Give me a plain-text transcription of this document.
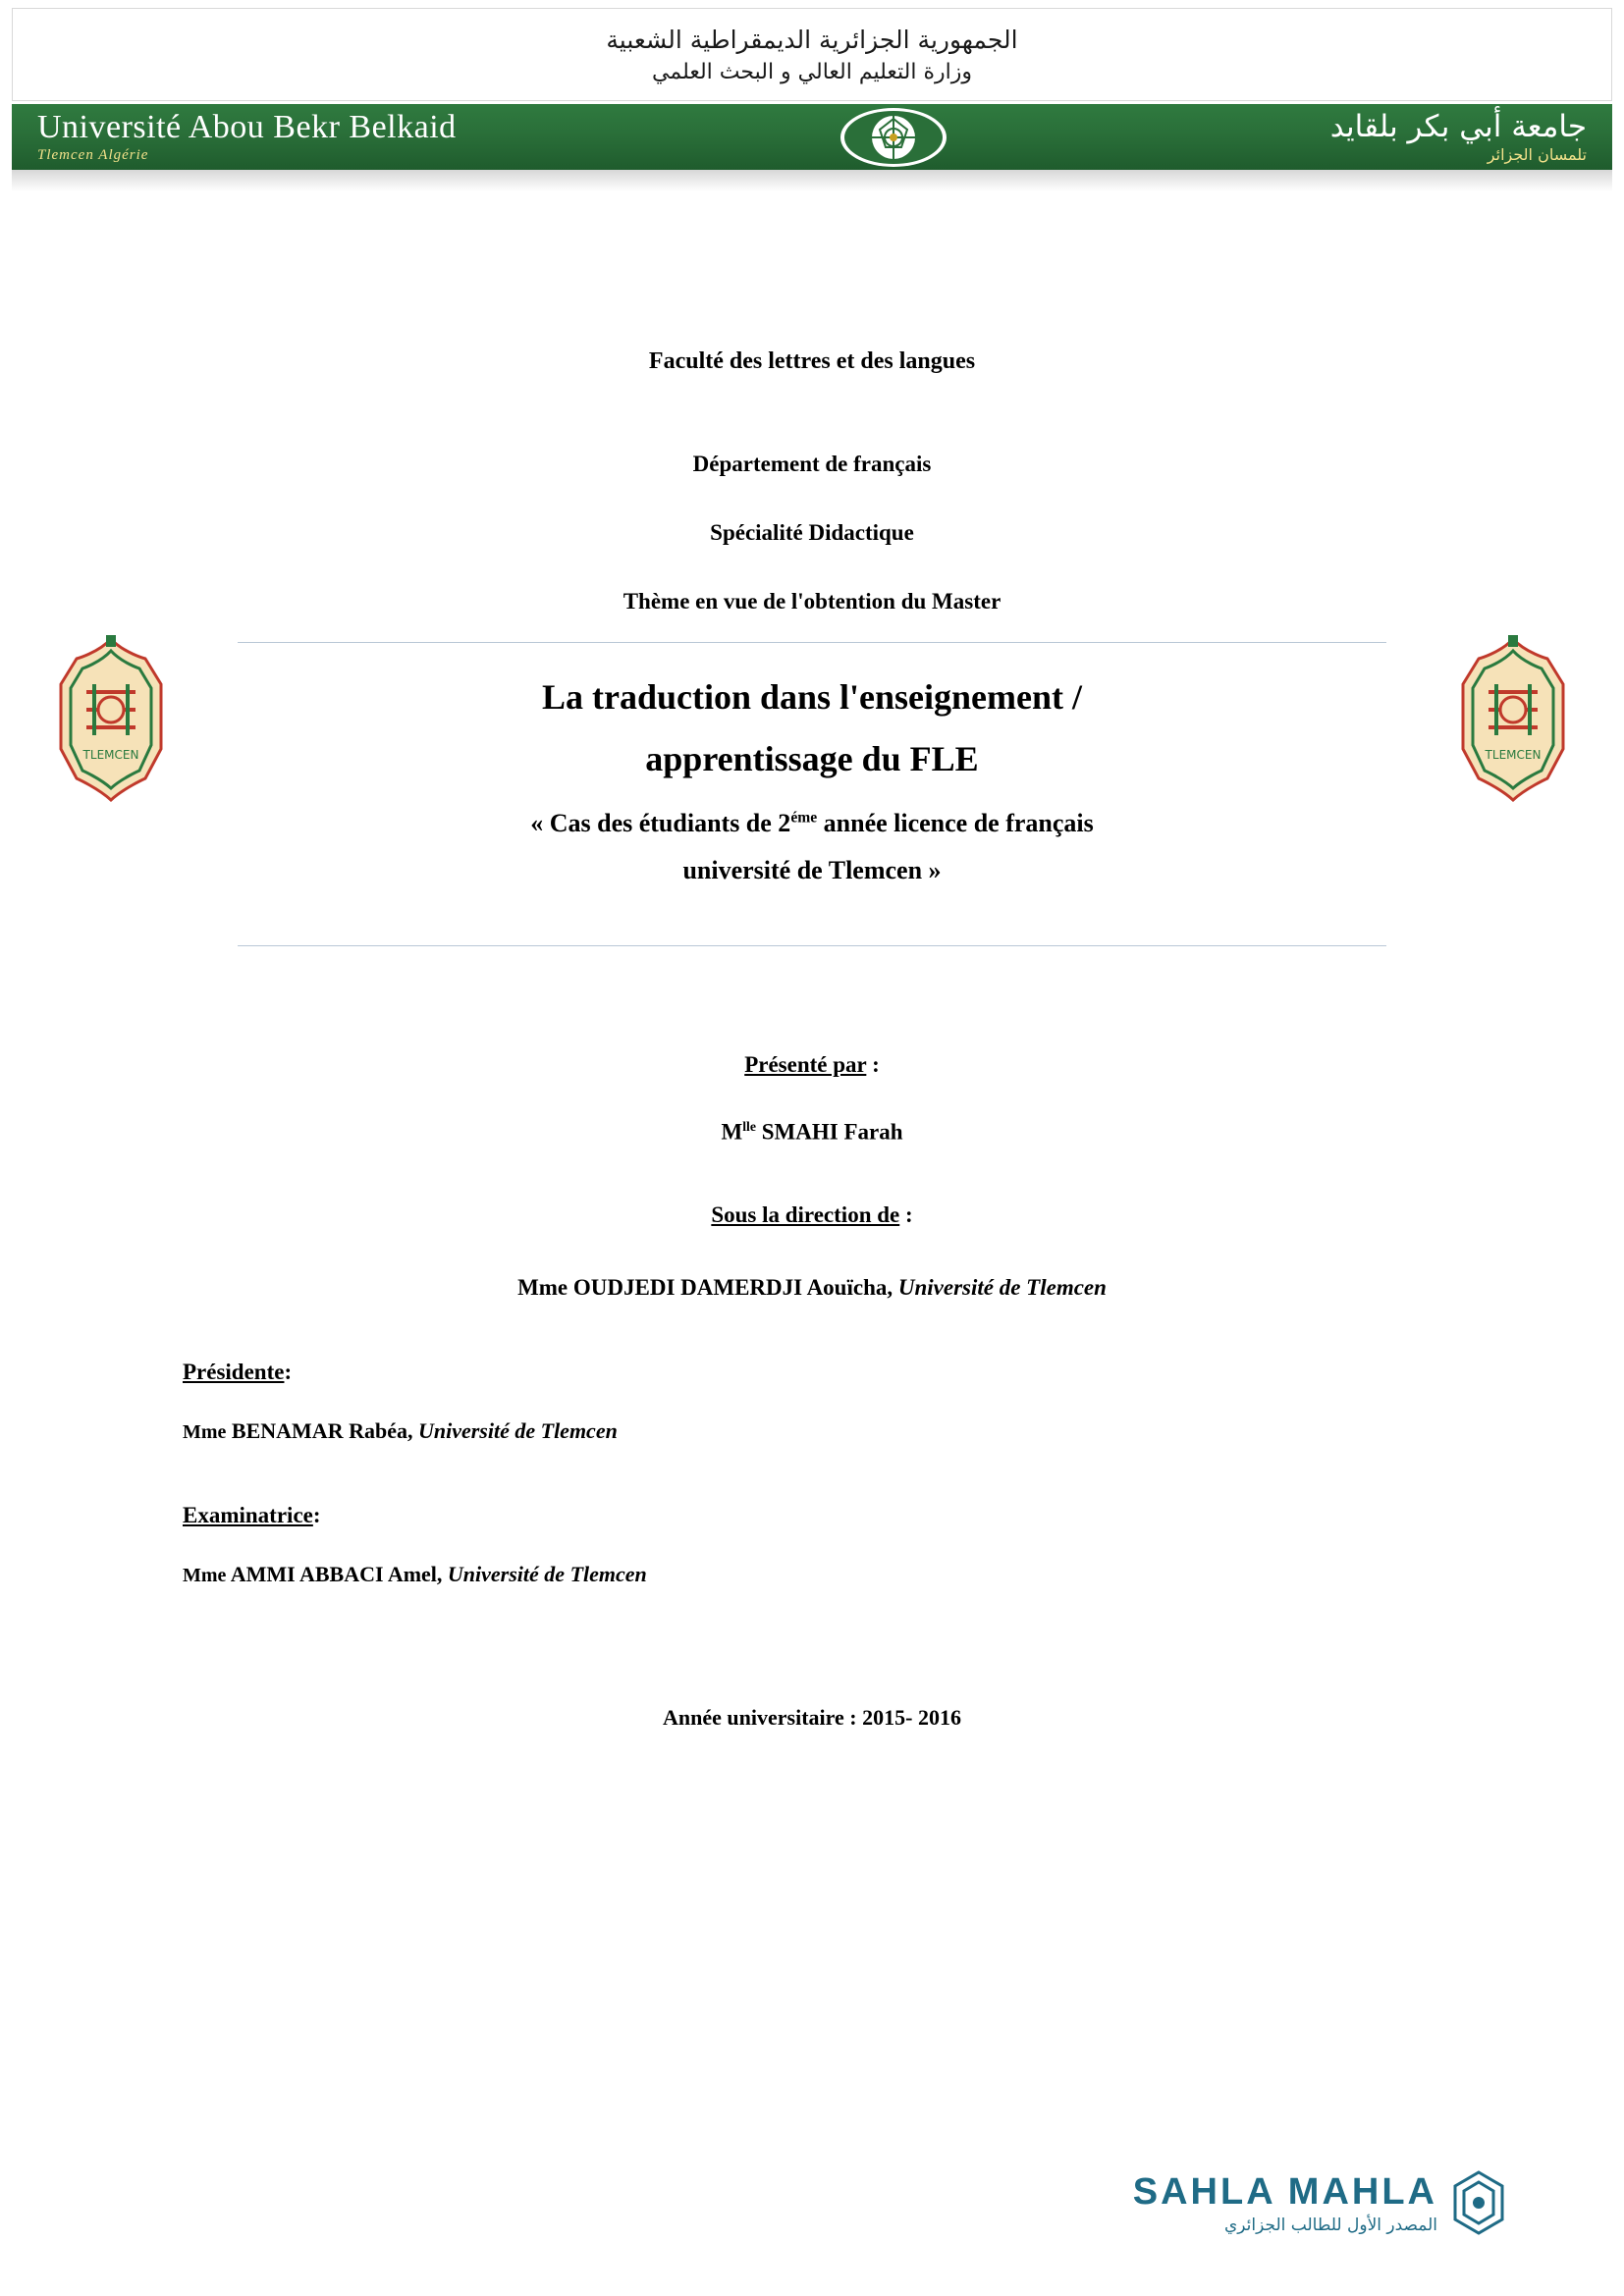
الجمهورية الجزائرية الديمقراطية الشعبية
وزارة التعليم العالي و البحث العلمي
Université Abou Bekr Belkaid
Tlemcen Algérie
جامعة أبي بكر بلقايد
تلمسان الجزائر
TLEMCEN	TLEMCEN
Faculté des lettres et des langues
Département de français
Spécialité Didactique
Thème en vue de l'obtention du Master
La traduction dans l'enseignement /
apprentissage du FLE
« Cas des étudiants de $2^{éme}$ année licence de français
université de Tlemcen »
Présenté par :
$M^{lle}$ SMAHI Farah
Sous la direction de :
Mme OUDJEDI DAMERDJI Aouïcha, Université de Tlemcen
Présidente:
Mme BENAMAR Rabéa, Université de Tlemcen
Examinatrice:
Mme AMMI ABBACI Amel, Université de Tlemcen
Année universitaire : 2015- 2016
SAHLA MAHLA
المصدر الأول للطالب الجزائري
